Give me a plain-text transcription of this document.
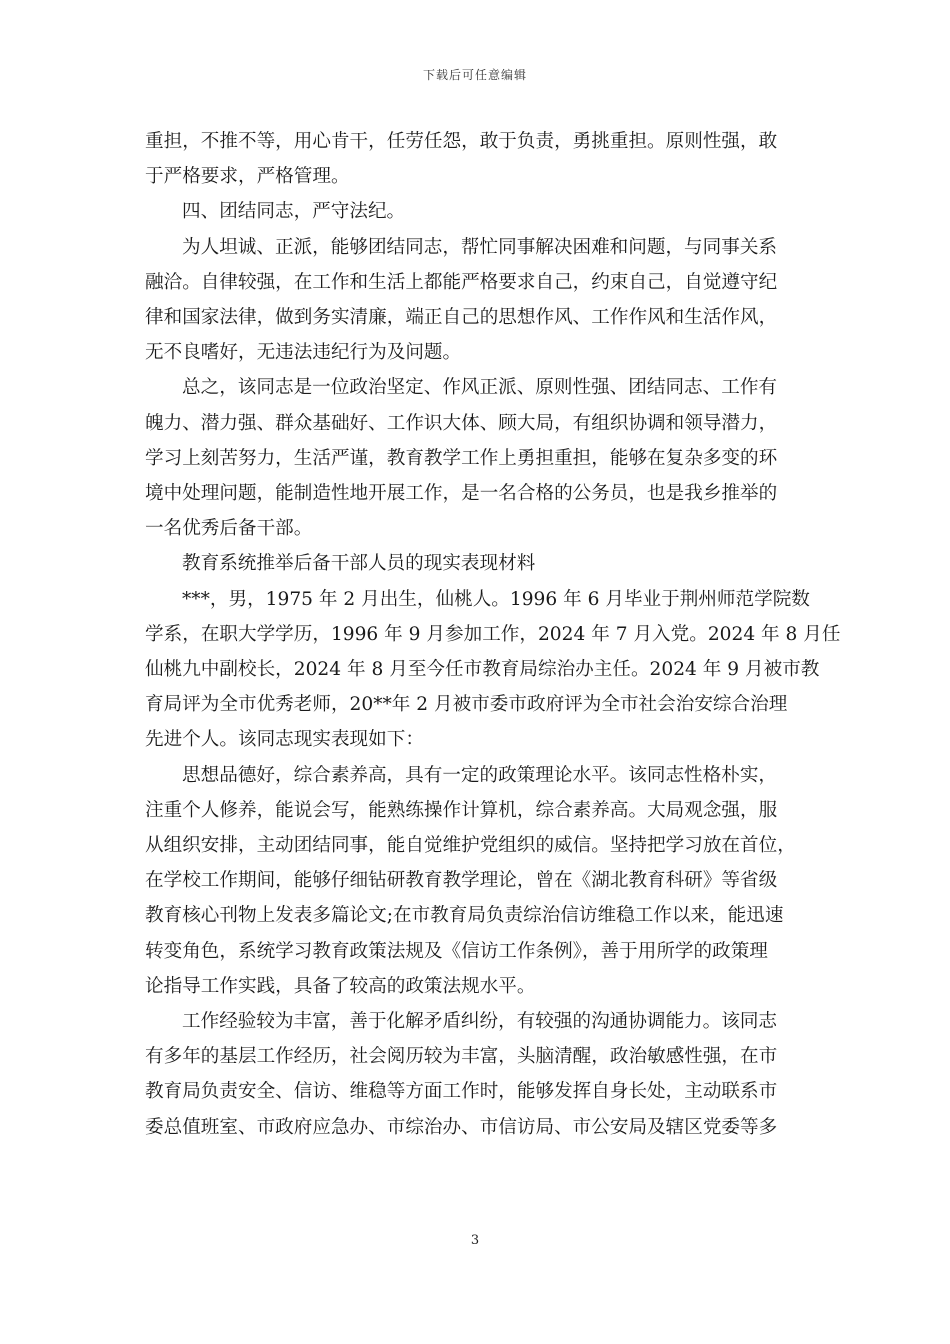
下载后可任意编辑

重担，不推不等，用心肯干，任劳任怨，敢于负责，勇挑重担。原则性强，敢
于严格要求，严格管理。

四、团结同志，严守法纪。

为人坦诚、正派，能够团结同志，帮忙同事解决困难和问题，与同事关系
融洽。自律较强，在工作和生活上都能严格要求自己，约束自己，自觉遵守纪
律和国家法律，做到务实清廉，端正自己的思想作风、工作作风和生活作风，
无不良嗜好，无违法违纪行为及问题。

总之，该同志是一位政治坚定、作风正派、原则性强、团结同志、工作有
魄力、潜力强、群众基础好、工作识大体、顾大局，有组织协调和领导潜力，
学习上刻苦努力，生活严谨，教育教学工作上勇担重担，能够在复杂多变的环
境中处理问题，能制造性地开展工作，是一名合格的公务员，也是我乡推举的
一名优秀后备干部。

教育系统推举后备干部人员的现实表现材料

***，男，1975 年 2 月出生，仙桃人。1996 年 6 月毕业于荆州师范学院数
学系，在职大学学历，1996 年 9 月参加工作，2024 年 7 月入党。2024 年 8 月任
仙桃九中副校长，2024 年 8 月至今任市教育局综治办主任。2024 年 9 月被市教
育局评为全市优秀老师，20**年 2 月被市委市政府评为全市社会治安综合治理
先进个人。该同志现实表现如下：

思想品德好，综合素养高，具有一定的政策理论水平。该同志性格朴实，
注重个人修养，能说会写，能熟练操作计算机，综合素养高。大局观念强，服
从组织安排，主动团结同事，能自觉维护党组织的威信。坚持把学习放在首位，
在学校工作期间，能够仔细钻研教育教学理论，曾在《湖北教育科研》等省级
教育核心刊物上发表多篇论文;在市教育局负责综治信访维稳工作以来，能迅速
转变角色，系统学习教育政策法规及《信访工作条例》，善于用所学的政策理
论指导工作实践，具备了较高的政策法规水平。

工作经验较为丰富，善于化解矛盾纠纷，有较强的沟通协调能力。该同志
有多年的基层工作经历，社会阅历较为丰富，头脑清醒，政治敏感性强，在市
教育局负责安全、信访、维稳等方面工作时，能够发挥自身长处，主动联系市
委总值班室、市政府应急办、市综治办、市信访局、市公安局及辖区党委等多

3
